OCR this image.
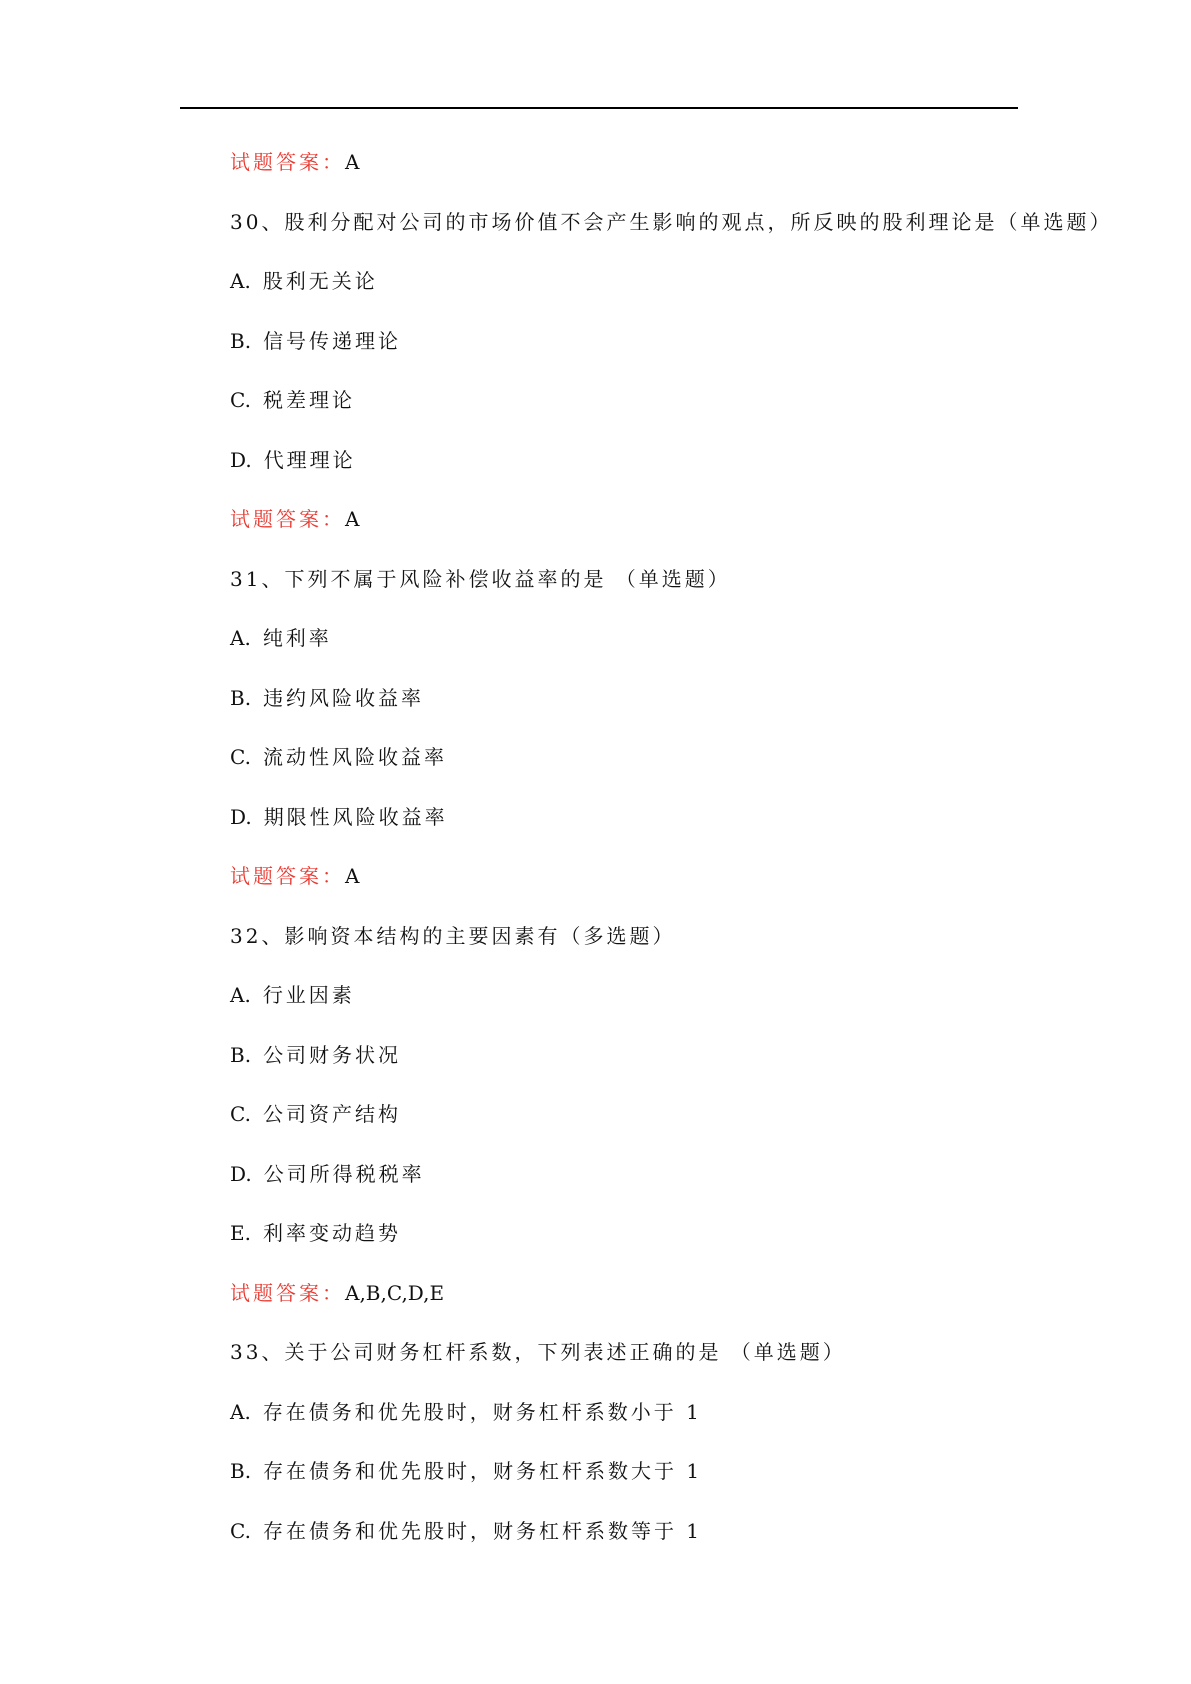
试题答案：A
30、股利分配对公司的市场价值不会产生影响的观点，所反映的股利理论是（单选题）
A. 股利无关论
B. 信号传递理论
C. 税差理论
D. 代理理论
试题答案：A
31、下列不属于风险补偿收益率的是 （单选题）
A. 纯利率
B. 违约风险收益率
C. 流动性风险收益率
D. 期限性风险收益率
试题答案：A
32、影响资本结构的主要因素有（多选题）
A. 行业因素
B. 公司财务状况
C. 公司资产结构
D. 公司所得税税率
E. 利率变动趋势
试题答案：A,B,C,D,E
33、关于公司财务杠杆系数，下列表述正确的是 （单选题）
A. 存在债务和优先股时，财务杠杆系数小于 1
B. 存在债务和优先股时，财务杠杆系数大于 1
C. 存在债务和优先股时，财务杠杆系数等于 1
